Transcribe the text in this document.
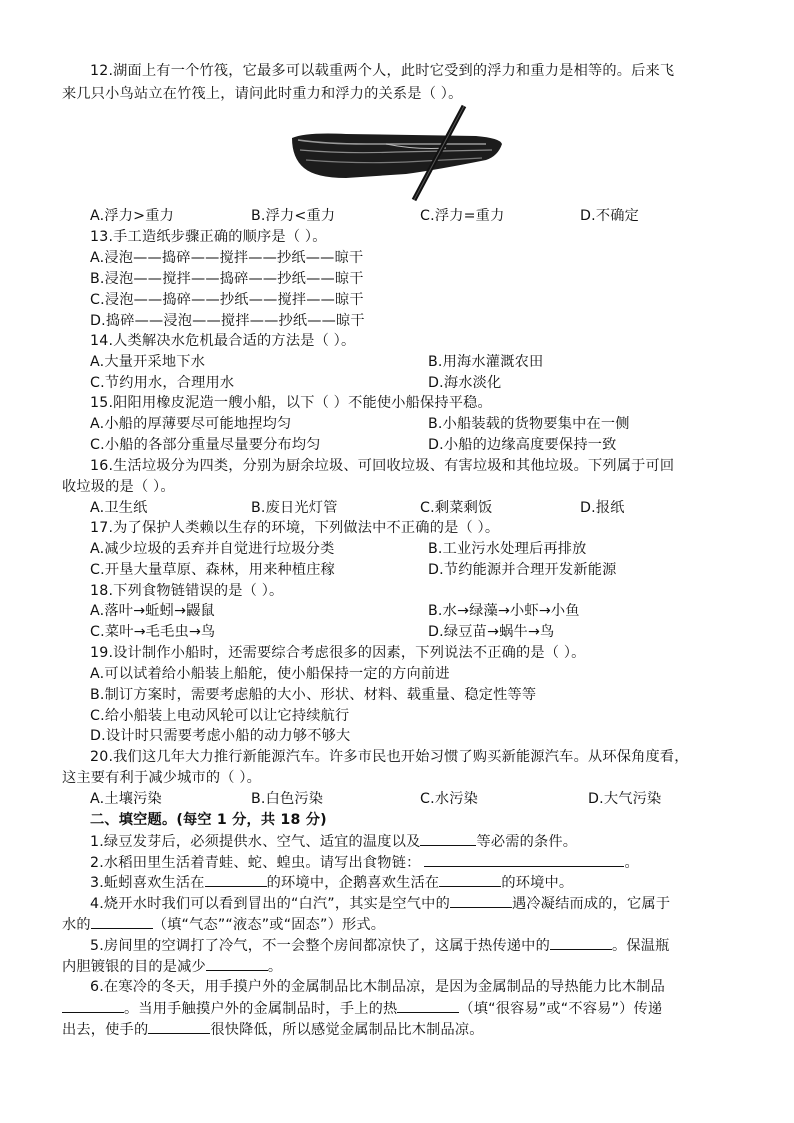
12.湖面上有一个竹筏，它最多可以载重两个人，此时它受到的浮力和重力是相等的。后来飞
来几只小鸟站立在竹筏上，请问此时重力和浮力的关系是（ ）。
A.浮力>重力	B.浮力<重力	C.浮力=重力	D.不确定
13.手工造纸步骤正确的顺序是（ ）。
A.浸泡——捣碎——搅拌——抄纸——晾干
B.浸泡——搅拌——捣碎——抄纸——晾干
C.浸泡——捣碎——抄纸——搅拌——晾干
D.捣碎——浸泡——搅拌——抄纸——晾干
14.人类解决水危机最合适的方法是（ ）。
A.大量开采地下水	B.用海水灌溉农田
C.节约用水，合理用水	D.海水淡化
15.阳阳用橡皮泥造一艘小船，以下（ ）不能使小船保持平稳。
A.小船的厚薄要尽可能地捏均匀	B.小船装载的货物要集中在一侧
C.小船的各部分重量尽量要分布均匀	D.小船的边缘高度要保持一致
16.生活垃圾分为四类，分别为厨余垃圾、可回收垃圾、有害垃圾和其他垃圾。下列属于可回
收垃圾的是（ ）。
A.卫生纸	B.废日光灯管	C.剩菜剩饭	D.报纸
17.为了保护人类赖以生存的环境，下列做法中不正确的是（ ）。
A.减少垃圾的丢弃并自觉进行垃圾分类	B.工业污水处理后再排放
C.开垦大量草原、森林，用来种植庄稼	D.节约能源并合理开发新能源
18.下列食物链错误的是（ ）。
A.落叶→蚯蚓→鼹鼠	B.水→绿藻→小虾→小鱼
C.菜叶→毛毛虫→鸟	D.绿豆苗→蜗牛→鸟
19.设计制作小船时，还需要综合考虑很多的因素，下列说法不正确的是（ ）。
A.可以试着给小船装上船舵，使小船保持一定的方向前进
B.制订方案时，需要考虑船的大小、形状、材料、载重量、稳定性等等
C.给小船装上电动风轮可以让它持续航行
D.设计时只需要考虑小船的动力够不够大
20.我们这几年大力推行新能源汽车。许多市民也开始习惯了购买新能源汽车。从环保角度看，
这主要有利于减少城市的（ ）。
A.土壤污染	B.白色污染	C.水污染	D.大气污染
二、填空题。(每空 1 分，共 18 分)
1.绿豆发芽后，必须提供水、空气、适宜的温度以及	等必需的条件。
2.水稻田里生活着青蛙、蛇、蝗虫。请写出食物链：	。
3.蚯蚓喜欢生活在	的环境中，企鹅喜欢生活在	的环境中。
4.烧开水时我们可以看到冒出的“白汽”，其实是空气中的	遇冷凝结而成的，它属于
水的	（填“气态”“液态”或“固态”）形式。
5.房间里的空调打了冷气，不一会整个房间都凉快了，这属于热传递中的	。保温瓶
内胆镀银的目的是减少	。
6.在寒冷的冬天，用手摸户外的金属制品比木制品凉，是因为金属制品的导热能力比木制品
。当用手触摸户外的金属制品时，手上的热	（填“很容易”或“不容易”）传递
出去，使手的	很快降低，所以感觉金属制品比木制品凉。
